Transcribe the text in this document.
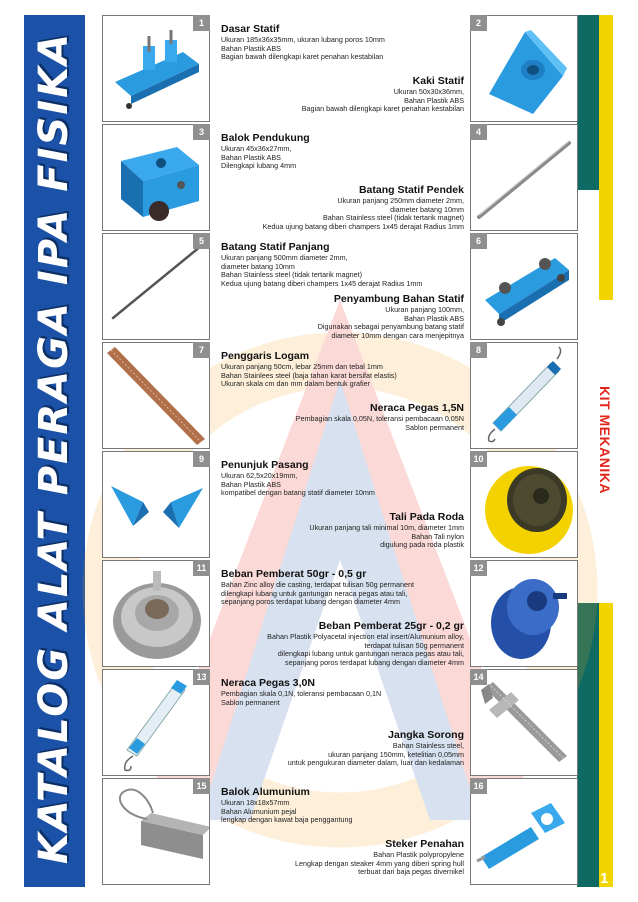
KATALOG ALAT PERAGA IPA FISIKA	KIT MEKANIKA
1
1	Dasar Statif
Ukuran 185x36x35mm, ukuran lubang poros 10mm
Bahan Plastik ABS
Bagian bawah dilengkapi karet penahan kestabilan
Kaki Statif
Ukuran 50x30x36mm,
Bahan Plastik ABS
Bagian bawah dilengkapi karet penahan kestabilan
2
3	Balok Pendukung
Ukuran 45x36x27mm,
Bahan Plastik ABS
Dilengkapi lubang 4mm
Batang Statif Pendek
Ukuran panjang 250mm diameter 2mm,
diameter batang 10mm
Bahan Stainless steel (tidak tertarik magnet)
Kedua ujung batang diberi champers 1x45 derajat Radius 1mm
4
5	Batang Statif Panjang
Ukuran panjang 500mm diameter 2mm,
diameter batang 10mm
Bahan Stainless steel (tidak tertarik magnet)
Kedua ujung batang diberi champers 1x45 derajat Radius 1mm
Penyambung Bahan Statif
Ukuran panjang 100mm,
Bahan Plastik ABS
Digunakan sebagai penyambung batang statif
diameter 10mm dengan cara menjepitnya
6
7	Penggaris Logam
Ukuran panjang 50cm, lebar 25mm dan tebal 1mm
Bahan Stainlees steel (baja tahan karat bersifat elastis)
Ukuran skala cm dan mm dalam bentuk grafier
Neraca Pegas 1,5N
Pembagian skala 0,05N, toleransi pembacaan 0,05N
Sablon permanent
8
9	Penunjuk Pasang
Ukuran 62,5x20x19mm,
Bahan Plastik ABS
kompatibel dengan batang statif diameter 10mm
Tali Pada Roda
Ukuran panjang tali minimal 10m, diameter 1mm
Bahan Tali nylon
digulung pada roda plastik
10
11	Beban Pemberat 50gr - 0,5 gr
Bahan Zinc alloy die casting, terdapat tulisan 50g permanent
dilengkapi lubang untuk gantungan neraca pegas atau tali,
sepanjang poros terdapat lubang dengan diameter 4mm
Beban Pemberat 25gr - 0,2 gr
Bahan Plastik Polyacetal injection etal insert/Alumunium alloy,
terdapat tulisan 50g permanent
dilengkapi lubang untuk gantungan neraca pegas atau tali,
sepanjang poros terdapat lubang dengan diameter 4mm
12
13	Neraca Pegas 3,0N
Pembagian skala 0,1N, toleransi pembacaan 0,1N
Sablon permanent
Jangka Sorong
Bahan Stainless steel,
ukuran panjang 150mm, ketelitian 0,05mm
untuk pengukuran diameter dalam, luar dan kedalaman
14
15	Balok Alumunium
Ukuran 18x18x57mm
Bahan Alumunium pejal
lengkap dengan kawat baja penggantung
Steker Penahan
Bahan Plastik polypropylene
Lengkap dengan steaker 4mm yang diberi spring hull
terbuat dari baja pegas divernikel
16
